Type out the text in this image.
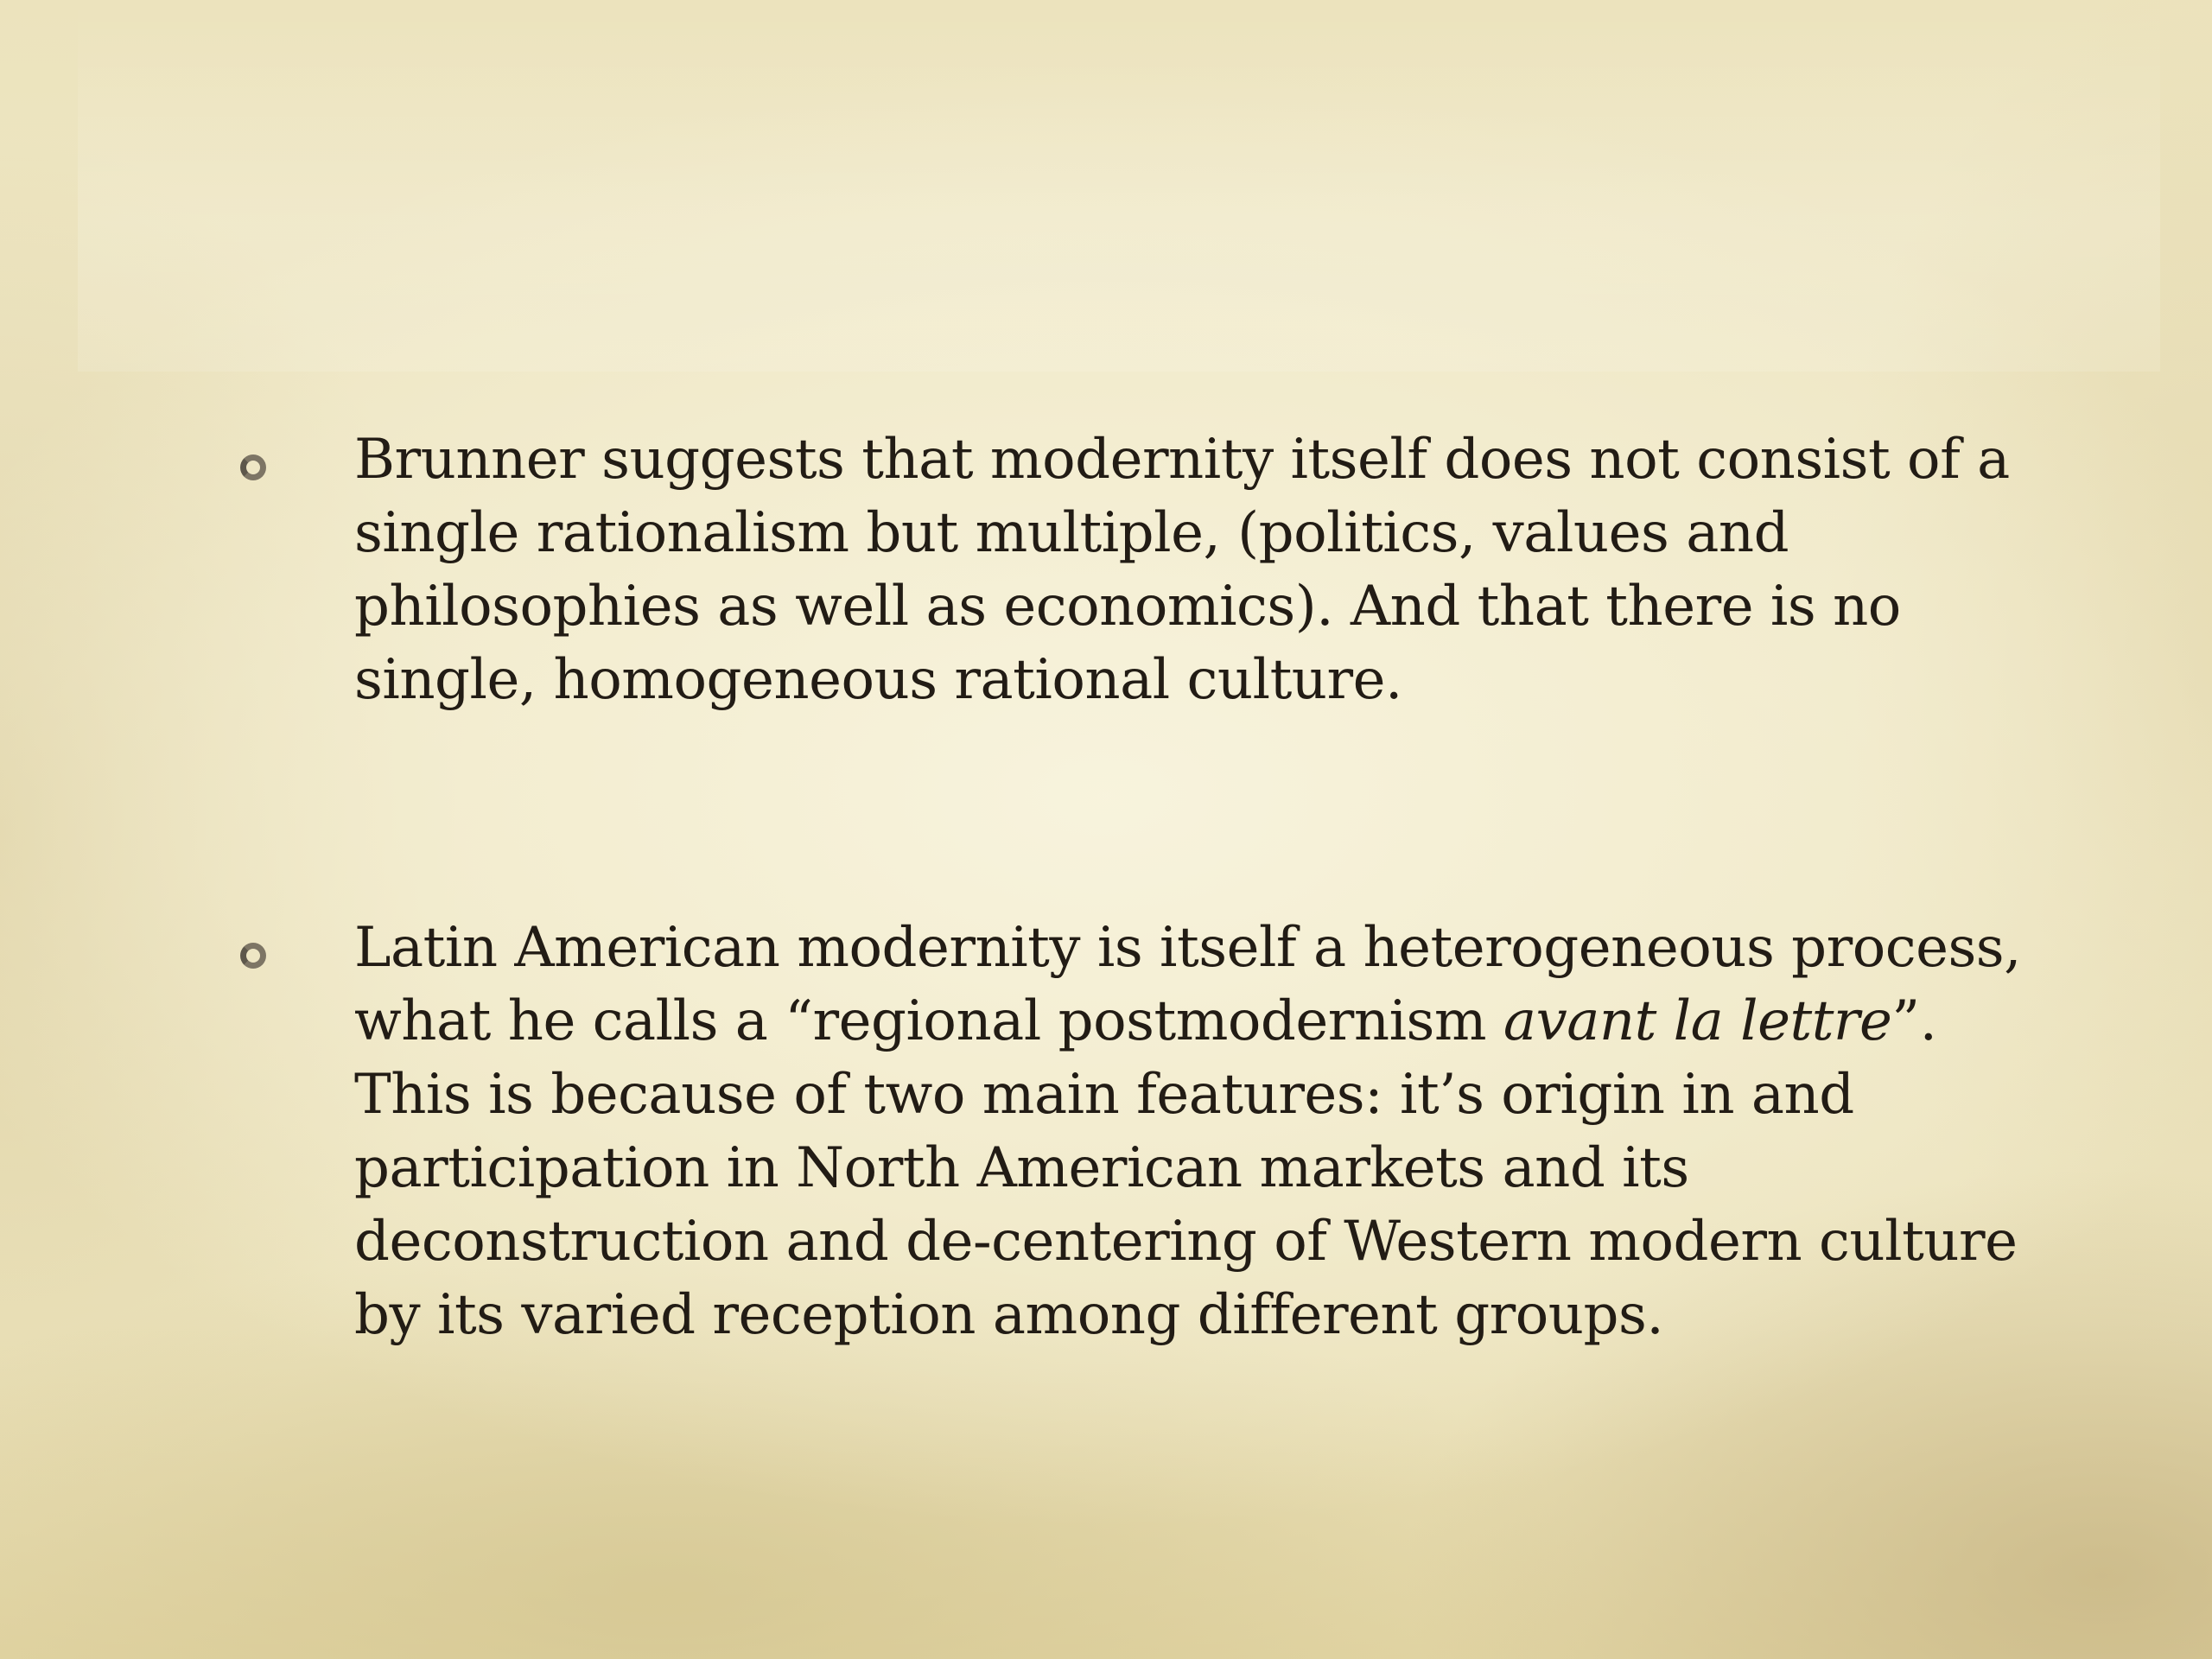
Brunner suggests that modernity itself does not consist of a
single rationalism but multiple, (politics, values and
philosophies as well as economics). And that there is no
single, homogeneous rational culture.
Latin American modernity is itself a heterogeneous process,
what he calls a “regional postmodernism avant la lettre”.
This is because of two main features: it’s origin in and
participation in North American markets and its
deconstruction and de-centering of Western modern culture
by its varied reception among different groups.
